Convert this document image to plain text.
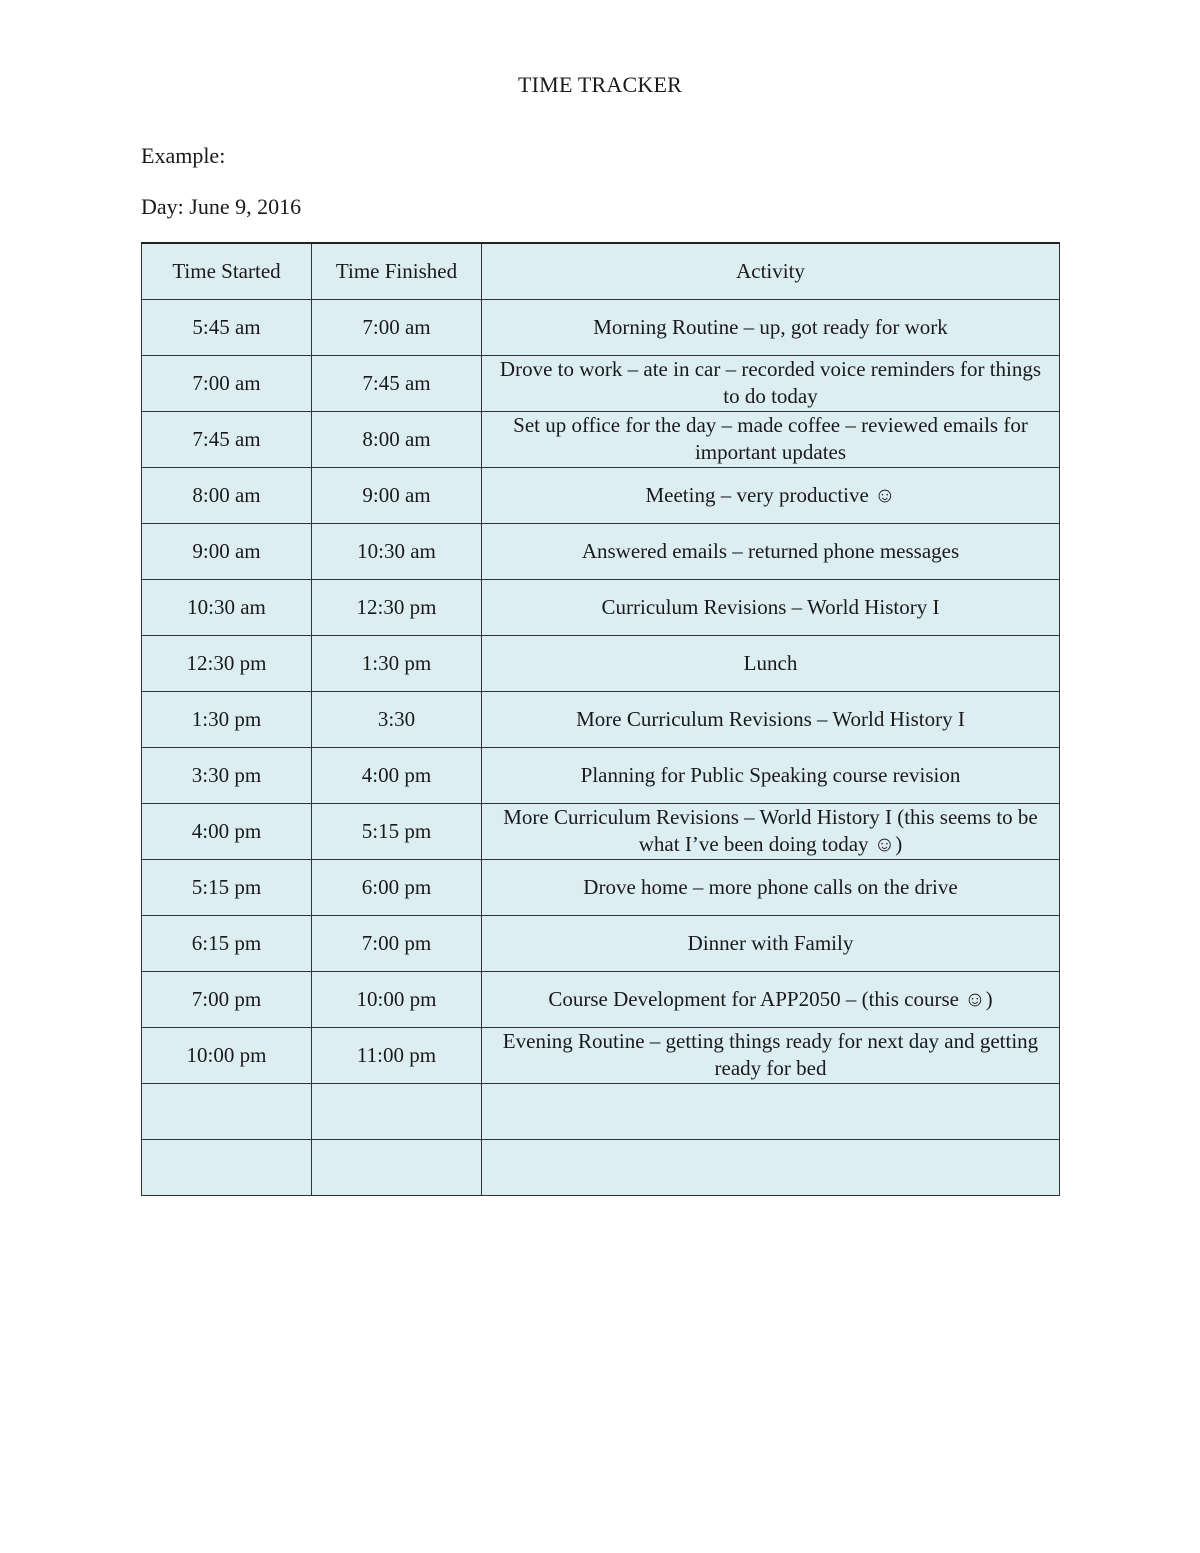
TIME TRACKER
Example:
Day: June 9, 2016
Time Started	Time Finished	Activity
5:45 am	7:00 am	Morning Routine – up, got ready for work
7:00 am	7:45 am	Drove to work – ate in car – recorded voice reminders for things to do today
7:45 am	8:00 am	Set up office for the day – made coffee – reviewed emails for important updates
8:00 am	9:00 am	Meeting – very productive ☺
9:00 am	10:30 am	Answered emails – returned phone messages
10:30 am	12:30 pm	Curriculum Revisions – World History I
12:30 pm	1:30 pm	Lunch
1:30 pm	3:30	More Curriculum Revisions – World History I
3:30 pm	4:00 pm	Planning for Public Speaking course revision
4:00 pm	5:15 pm	More Curriculum Revisions – World History I (this seems to be what I’ve been doing today ☺)
5:15 pm	6:00 pm	Drove home – more phone calls on the drive
6:15 pm	7:00 pm	Dinner with Family
7:00 pm	10:00 pm	Course Development for APP2050 – (this course ☺)
10:00 pm	11:00 pm	Evening Routine – getting things ready for next day and getting ready for bed
